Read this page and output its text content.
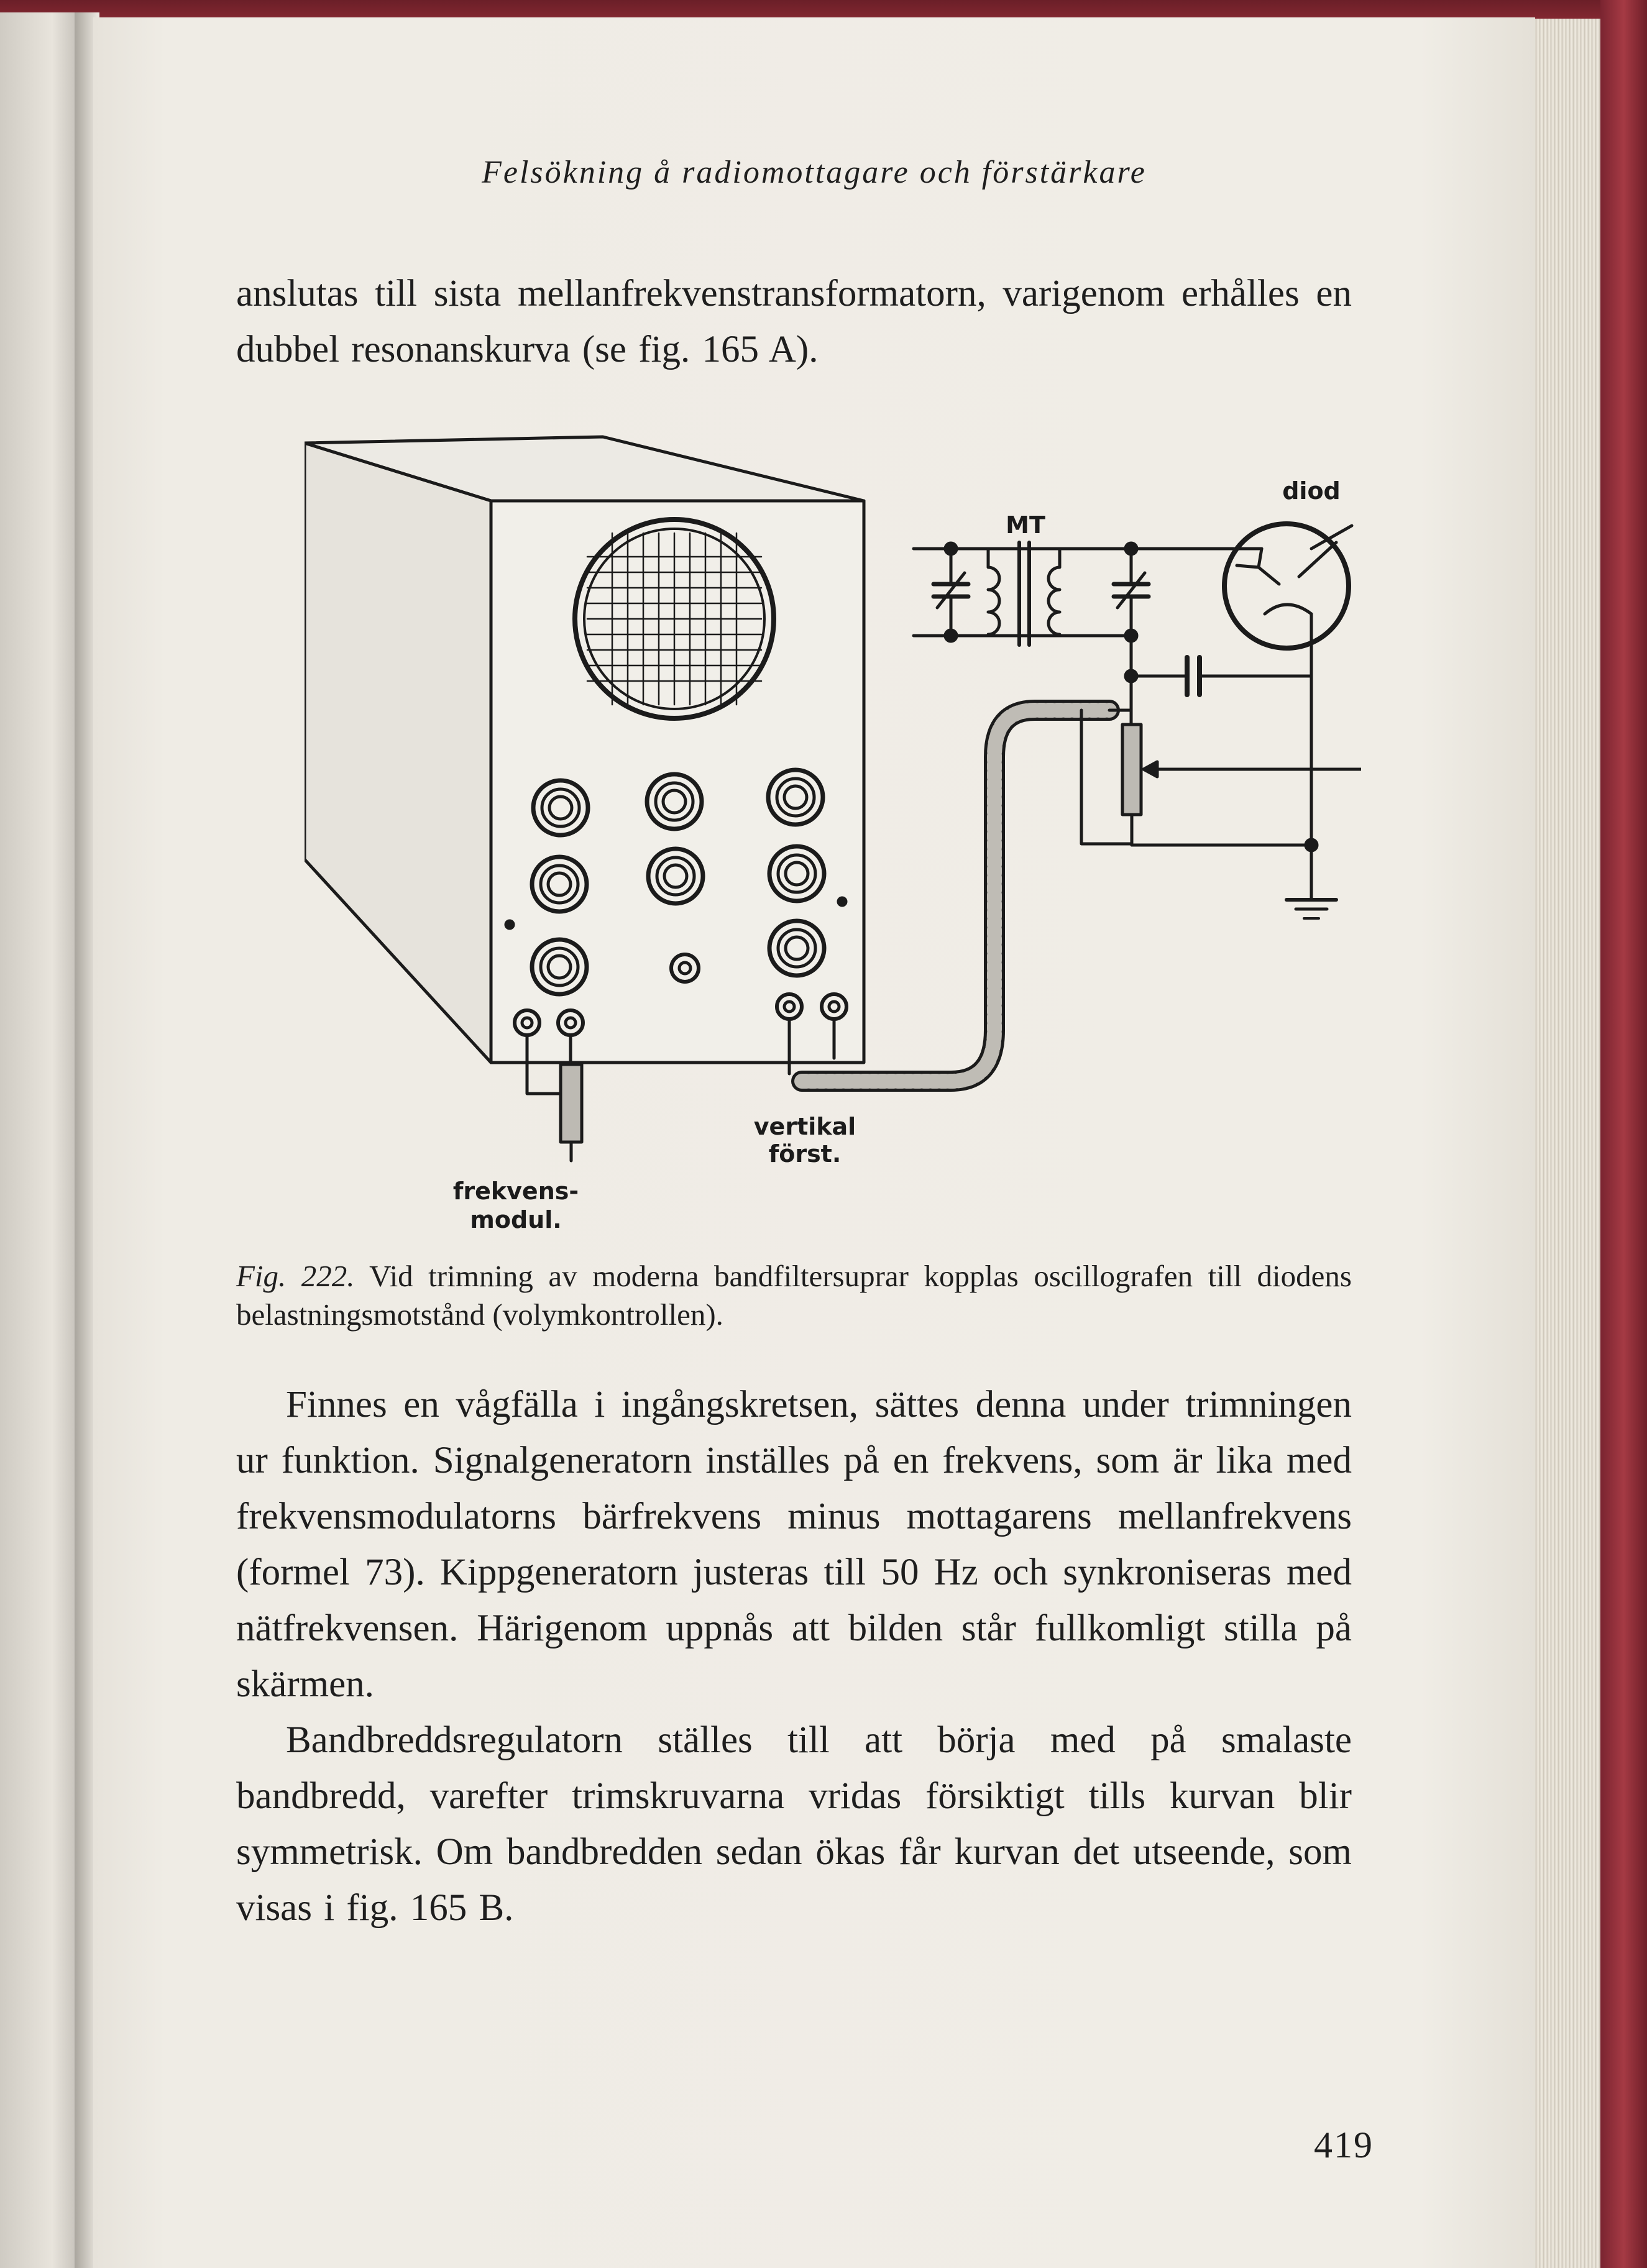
Felsökning å radiomottagare och förstärkare

anslutas till sista mellanfrekvenstransformatorn, varigenom erhålles en dubbel resonanskurva (se fig. 165 A).

diod
MT
vertikal
först.
frekvens-
modul.
Fig. 222. Vid trimning av moderna bandfiltersuprar kopplas oscillografen till diodens belastningsmotstånd (volymkontrollen).

Finnes en vågfälla i ingångskretsen, sättes denna under trimningen ur funktion. Signalgeneratorn inställes på en frekvens, som är lika med frekvensmodulatorns bärfrekvens minus mottagarens mellanfrekvens (formel 73). Kippgeneratorn justeras till 50 Hz och synkroniseras med nätfrekvensen. Härigenom uppnås att bilden står fullkomligt stilla på skärmen.

Bandbreddsregulatorn ställes till att börja med på smalaste bandbredd, varefter trimskruvarna vridas försiktigt tills kurvan blir symmetrisk. Om bandbredden sedan ökas får kurvan det utseende, som visas i fig. 165 B.

419
